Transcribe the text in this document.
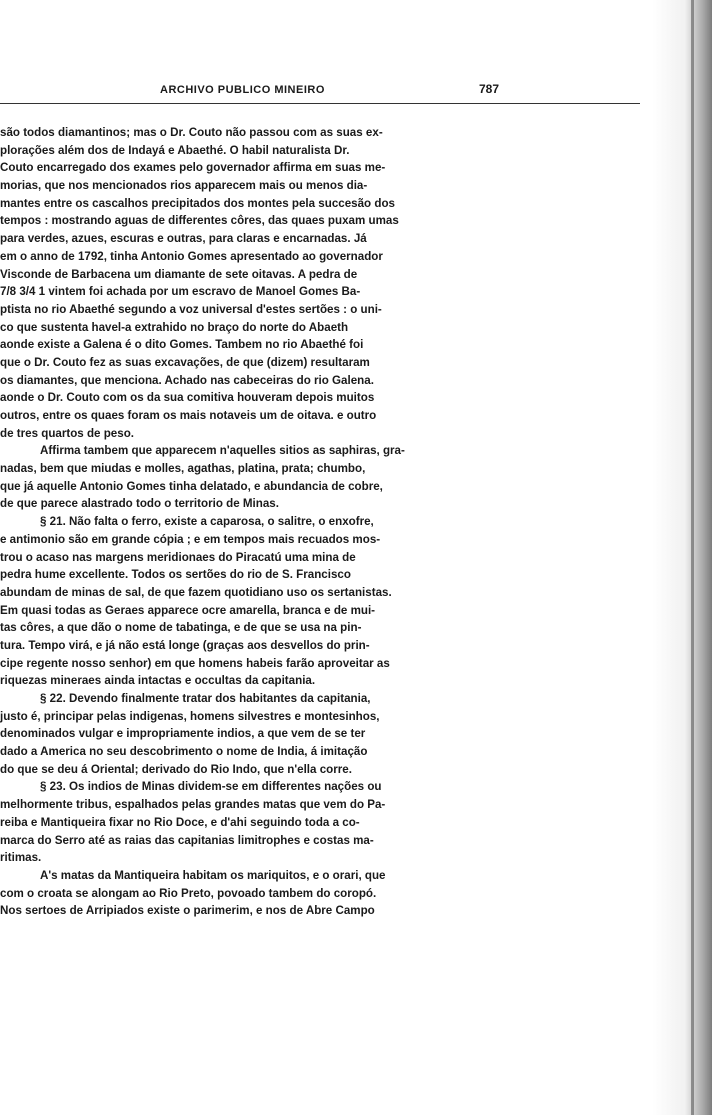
ARCHIVO PUBLICO MINEIRO	787
são todos diamantinos; mas o Dr. Couto não passou com as suas ex-
plorações além dos de Indayá e Abaethé. O habil naturalista Dr.
Couto encarregado dos exames pelo governador affirma em suas me-
morias, que nos mencionados rios apparecem mais ou menos dia-
mantes entre os cascalhos precipitados dos montes pela succesão dos
tempos : mostrando aguas de differentes côres, das quaes puxam umas
para verdes, azues, escuras e outras, para claras e encarnadas. Já
em o anno de 1792, tinha Antonio Gomes apresentado ao governador
Visconde de Barbacena um diamante de sete oitavas. A pedra de
7/8 3/4 1 vintem foi achada por um escravo de Manoel Gomes Ba-
ptista no rio Abaethé segundo a voz universal d'estes sertões : o uni-
co que sustenta havel-a extrahido no braço do norte do Abaeth
aonde existe a Galena é o dito Gomes. Tambem no rio Abaethé foi
que o Dr. Couto fez as suas excavações, de que (dizem) resultaram
os diamantes, que menciona. Achado nas cabeceiras do rio Galena.
aonde o Dr. Couto com os da sua comitiva houveram depois muitos
outros, entre os quaes foram os mais notaveis um de oitava. e outro
de tres quartos de peso.
Affirma tambem que apparecem n'aquelles sitios as saphiras, gra-
nadas, bem que miudas e molles, agathas, platina, prata; chumbo,
que já aquelle Antonio Gomes tinha delatado, e abundancia de cobre,
de que parece alastrado todo o territorio de Minas.
§ 21. Não falta o ferro, existe a caparosa, o salitre, o enxofre,
e antimonio são em grande cópia ; e em tempos mais recuados mos-
trou o acaso nas margens meridionaes do Piracatú uma mina de
pedra hume excellente. Todos os sertões do rio de S. Francisco
abundam de minas de sal, de que fazem quotidiano uso os sertanistas.
Em quasi todas as Geraes apparece ocre amarella, branca e de mui-
tas côres, a que dão o nome de tabatinga, e de que se usa na pin-
tura. Tempo virá, e já não está longe (graças aos desvellos do prin-
cipe regente nosso senhor) em que homens habeis farão aproveitar as
riquezas mineraes ainda intactas e occultas da capitania.
§ 22. Devendo finalmente tratar dos habitantes da capitania,
justo é, principar pelas indigenas, homens silvestres e montesinhos,
denominados vulgar e impropriamente indios, a que vem de se ter
dado a America no seu descobrimento o nome de India, á imitação
do que se deu á Oriental; derivado do Rio Indo, que n'ella corre.
§ 23. Os indios de Minas dividem-se em differentes nações ou
melhormente tribus, espalhados pelas grandes matas que vem do Pa-
reiba e Mantiqueira fixar no Rio Doce, e d'ahi seguindo toda a co-
marca do Serro até as raias das capitanias limitrophes e costas ma-
ritimas.
A's matas da Mantiqueira habitam os mariquitos, e o orari, que
com o croata se alongam ao Rio Preto, povoado tambem do coropó.
Nos sertoes de Arripiados existe o parimerim, e nos de Abre Campo
